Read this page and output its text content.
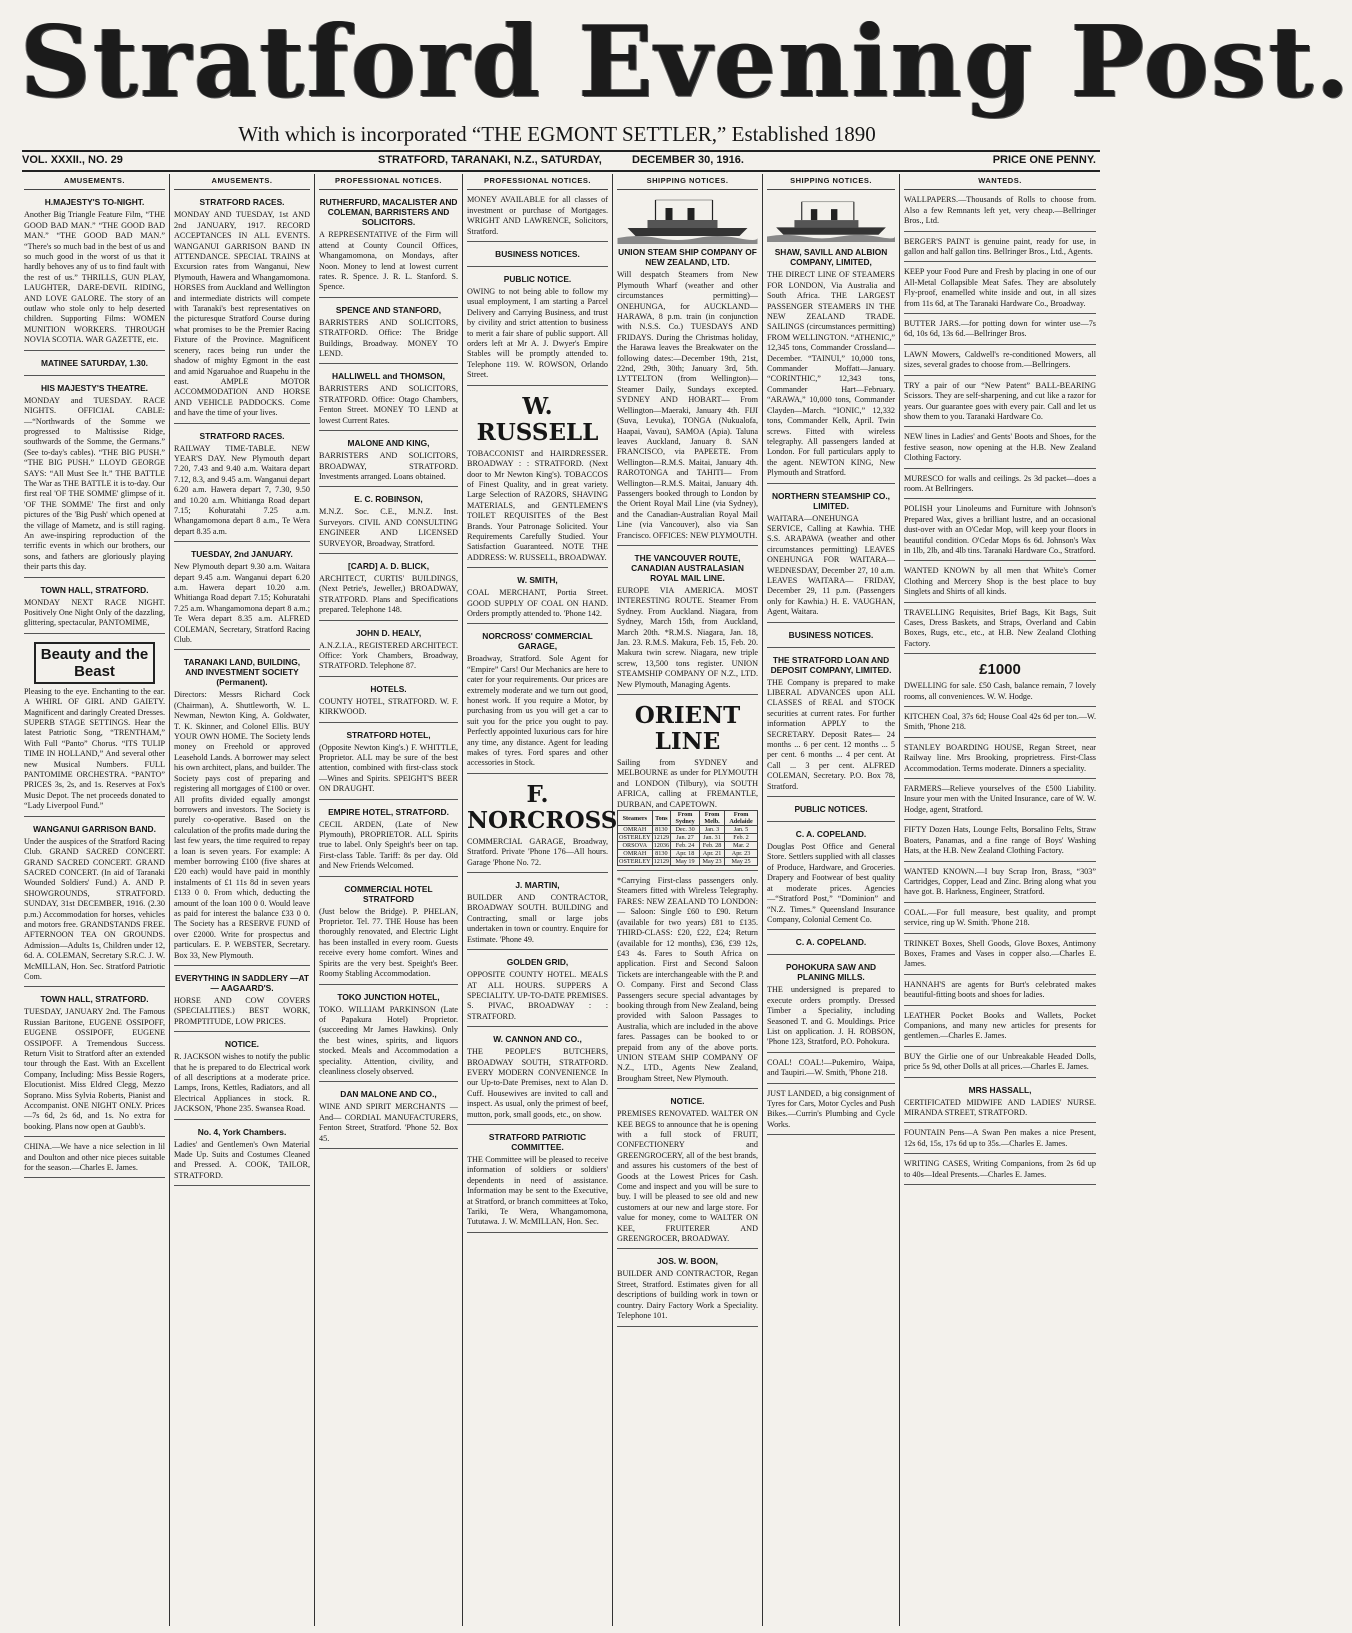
Stratford Evening Post.
With which is incorporated “THE EGMONT SETTLER,” Established 1890
VOL. XXXII., NO. 29	STRATFORD, TARANAKI, N.Z., SATURDAY,	DECEMBER 30, 1916.	PRICE ONE PENNY.
AMUSEMENTS.
H.MAJESTY'S TO-NIGHT.
Another Big Triangle Feature Film, “THE GOOD BAD MAN.” “THE GOOD BAD MAN.” “THE GOOD BAD MAN.” “There's so much bad in the best of us and so much good in the worst of us that it hardly behoves any of us to find fault with the rest of us.” THRILLS, GUN PLAY, LAUGHTER, DARE-DEVIL RIDING, AND LOVE GALORE. The story of an outlaw who stole only to help deserted children. Supporting Films: WOMEN MUNITION WORKERS. THROUGH NOVIA SCOTIA. WAR GAZETTE, etc.
MATINEE SATURDAY, 1.30.
HIS MAJESTY'S THEATRE.
MONDAY and TUESDAY. RACE NIGHTS. OFFICIAL CABLE:—“Northwards of the Somme we progressed to Maltissise Ridge, southwards of the Somme, the Germans.” (See to-day's cables). “THE BIG PUSH.” “THE BIG PUSH.” LLOYD GEORGE SAYS: “All Must See It.” THE BATTLE The War as THE BATTLE it is to-day. Our first real 'OF THE SOMME' glimpse of it. 'OF THE SOMME' The first and only pictures of the 'Big Push' which opened at the village of Mametz, and is still raging. An awe-inspiring reproduction of the terrific events in which our brothers, our sons, and fathers are gloriously playing their parts this day.
TOWN HALL, STRATFORD.
MONDAY NEXT RACE NIGHT. Positively One Night Only of the dazzling, glittering, spectacular, PANTOMIME,
Beauty and the Beast
Pleasing to the eye. Enchanting to the ear. A WHIRL OF GIRL AND GAIETY. Magnificent and daringly Created Dresses. SUPERB STAGE SETTINGS. Hear the latest Patriotic Song, “TRENTHAM,” With Full “Panto” Chorus. “ITS TULIP TIME IN HOLLAND,” And several other new Musical Numbers. FULL PANTOMIME ORCHESTRA. “PANTO” PRICES 3s, 2s, and 1s. Reserves at Fox's Music Depot. The net proceeds donated to “Lady Liverpool Fund.”
WANGANUI GARRISON BAND.
Under the auspices of the Stratford Racing Club. GRAND SACRED CONCERT. GRAND SACRED CONCERT. GRAND SACRED CONCERT. (In aid of Taranaki Wounded Soldiers' Fund.) A. AND P. SHOWGROUNDS, STRATFORD. SUNDAY, 31st DECEMBER, 1916. (2.30 p.m.) Accommodation for horses, vehicles and motors free. GRANDSTANDS FREE. AFTERNOON TEA ON GROUNDS. Admission—Adults 1s, Children under 12, 6d. A. COLEMAN, Secretary S.R.C. J. W. McMILLAN, Hon. Sec. Stratford Patriotic Com.
TOWN HALL, STRATFORD.
TUESDAY, JANUARY 2nd. The Famous Russian Baritone, EUGENE OSSIPOFF, EUGENE OSSIPOFF, EUGENE OSSIPOFF. A Tremendous Success. Return Visit to Stratford after an extended tour through the East. With an Excellent Company, Including: Miss Bessie Rogers, Elocutionist. Miss Eldred Clegg, Mezzo Soprano. Miss Sylvia Roberts, Pianist and Accompanist. ONE NIGHT ONLY. Prices—7s 6d, 2s 6d, and 1s. No extra for booking. Plans now open at Gaubb's.
CHINA.—We have a nice selection in lil and Doulton and other nice pieces suitable for the season.—Charles E. James.
AMUSEMENTS.
STRATFORD RACES.
MONDAY AND TUESDAY, 1st AND 2nd JANUARY, 1917. RECORD ACCEPTANCES IN ALL EVENTS. WANGANUI GARRISON BAND IN ATTENDANCE. SPECIAL TRAINS at Excursion rates from Wanganui, New Plymouth, Hawera and Whangamomona. HORSES from Auckland and Wellington and intermediate districts will compete with Taranaki's best representatives on the picturesque Stratford Course during what promises to be the Premier Racing Fixture of the Province. Magnificent scenery, races being run under the shadow of mighty Egmont in the east and amid Ngaruahoe and Ruapehu in the east. AMPLE MOTOR ACCOMMODATION AND HORSE AND VEHICLE PADDOCKS. Come and have the time of your lives.
STRATFORD RACES.
RAILWAY TIME-TABLE. NEW YEAR'S DAY. New Plymouth depart 7.20, 7.43 and 9.40 a.m. Waitara depart 7.12, 8.3, and 9.45 a.m. Wanganui depart 6.20 a.m. Hawera depart 7, 7.30, 9.50 and 10.20 a.m. Whitianga Road depart 7.15; Kohuratahi 7.25 a.m. Whangamomona depart 8 a.m., Te Wera depart 8.35 a.m.
TUESDAY, 2nd JANUARY.
New Plymouth depart 9.30 a.m. Waitara depart 9.45 a.m. Wanganui depart 6.20 a.m. Hawera depart 10.20 a.m. Whitianga Road depart 7.15; Kohuratahi 7.25 a.m. Whangamomona depart 8 a.m.; Te Wera depart 8.35 a.m. ALFRED COLEMAN, Secretary, Stratford Racing Club.
TARANAKI LAND, BUILDING, AND INVESTMENT SOCIETY (Permanent).
Directors: Messrs Richard Cock (Chairman), A. Shuttleworth, W. L. Newman, Newton King, A. Goldwater, T. K. Skinner, and Colonel Ellis. BUY YOUR OWN HOME. The Society lends money on Freehold or approved Leasehold Lands. A borrower may select his own architect, plans, and builder. The Society pays cost of preparing and registering all mortgages of £100 or over. All profits divided equally amongst borrowers and investors. The Society is purely co-operative. Based on the calculation of the profits made during the last few years, the time required to repay a loan is seven years. For example: A member borrowing £100 (five shares at £20 each) would have paid in monthly instalments of £1 11s 8d in seven years £133 0 0. From which, deducting the amount of the loan 100 0 0. Would leave as paid for interest the balance £33 0 0. The Society has a RESERVE FUND of over £2000. Write for prospectus and particulars. E. P. WEBSTER, Secretary. Box 33, New Plymouth.
EVERYTHING IN SADDLERY —AT— AAGAARD'S.
HORSE AND COW COVERS (SPECIALITIES.) BEST WORK, PROMPTITUDE, LOW PRICES.
NOTICE.
R. JACKSON wishes to notify the public that he is prepared to do Electrical work of all descriptions at a moderate price. Lamps, Irons, Kettles, Radiators, and all Electrical Appliances in stock. R. JACKSON, 'Phone 235. Swansea Road.
No. 4, York Chambers.
Ladies' and Gentlemen's Own Material Made Up. Suits and Costumes Cleaned and Pressed. A. COOK, TAILOR, STRATFORD.
PROFESSIONAL NOTICES.
RUTHERFURD, MACALISTER AND COLEMAN, BARRISTERS AND SOLICITORS.
A REPRESENTATIVE of the Firm will attend at County Council Offices, Whangamomona, on Mondays, after Noon. Money to lend at lowest current rates. R. Spence. J. R. L. Stanford. S. Spence.
SPENCE AND STANFORD,
BARRISTERS AND SOLICITORS, STRATFORD. Office: The Bridge Buildings, Broadway. MONEY TO LEND.
HALLIWELL and THOMSON,
BARRISTERS AND SOLICITORS, STRATFORD. Office: Otago Chambers, Fenton Street. MONEY TO LEND at lowest Current Rates.
MALONE AND KING,
BARRISTERS AND SOLICITORS, BROADWAY, STRATFORD. Investments arranged. Loans obtained.
E. C. ROBINSON,
M.N.Z. Soc. C.E., M.N.Z. Inst. Surveyors. CIVIL AND CONSULTING ENGINEER AND LICENSED SURVEYOR, Broadway, Stratford.
[CARD] A. D. BLICK,
ARCHITECT, CURTIS' BUILDINGS, (Next Petrie's, Jeweller,) BROADWAY, STRATFORD. Plans and Specifications prepared. Telephone 148.
JOHN D. HEALY,
A.N.Z.I.A., REGISTERED ARCHITECT. Office: York Chambers, Broadway, STRATFORD. Telephone 87.
HOTELS.
COUNTY HOTEL, STRATFORD. W. F. KIRKWOOD.
STRATFORD HOTEL,
(Opposite Newton King's.) F. WHITTLE, Proprietor. ALL may be sure of the best attention, combined with first-class stock—Wines and Spirits. SPEIGHT'S BEER ON DRAUGHT.
EMPIRE HOTEL, STRATFORD.
CECIL ARDEN, (Late of New Plymouth), PROPRIETOR. ALL Spirits true to label. Only Speight's beer on tap. First-class Table. Tariff: 8s per day. Old and New Friends Welcomed.
COMMERCIAL HOTEL STRATFORD
(Just below the Bridge). P. PHELAN, Proprietor. Tel. 77. THE House has been thoroughly renovated, and Electric Light has been installed in every room. Guests receive every home comfort. Wines and Spirits are the very best. Speight's Beer. Roomy Stabling Accommodation.
TOKO JUNCTION HOTEL,
TOKO. WILLIAM PARKINSON (Late of Papakura Hotel) Proprietor. (succeeding Mr James Hawkins). Only the best wines, spirits, and liquors stocked. Meals and Accommodation a speciality. Attention, civility, and cleanliness closely observed.
DAN MALONE AND CO.,
WINE AND SPIRIT MERCHANTS —And— CORDIAL MANUFACTURERS, Fenton Street, Stratford. 'Phone 52. Box 45.
PROFESSIONAL NOTICES.
MONEY AVAILABLE for all classes of investment or purchase of Mortgages. WRIGHT AND LAWRENCE, Solicitors, Stratford.
BUSINESS NOTICES.
PUBLIC NOTICE.
OWING to not being able to follow my usual employment, I am starting a Parcel Delivery and Carrying Business, and trust by civility and strict attention to business to merit a fair share of public support. All orders left at Mr A. J. Dwyer's Empire Stables will be promptly attended to. Telephone 119. W. ROWSON, Orlando Street.
W. RUSSELL
TOBACCONIST and HAIRDRESSER. BROADWAY : : STRATFORD. (Next door to Mr Newton King's). TOBACCOS of Finest Quality, and in great variety. Large Selection of RAZORS, SHAVING MATERIALS, and GENTLEMEN'S TOILET REQUISITES of the Best Brands. Your Patronage Solicited. Your Requirements Carefully Studied. Your Satisfaction Guaranteed. NOTE THE ADDRESS: W. RUSSELL, BROADWAY.
W. SMITH,
COAL MERCHANT, Portia Street. GOOD SUPPLY OF COAL ON HAND. Orders promptly attended to. 'Phone 142.
NORCROSS' COMMERCIAL GARAGE,
Broadway, Stratford. Sole Agent for “Empire” Cars! Our Mechanics are here to cater for your requirements. Our prices are extremely moderate and we turn out good, honest work. If you require a Motor, by purchasing from us you will get a car to suit you for the price you ought to pay. Perfectly appointed luxurious cars for hire any time, any distance. Agent for leading makes of tyres. Ford spares and other accessories in Stock.
F. NORCROSS
COMMERCIAL GARAGE, Broadway, Stratford. Private 'Phone 176—All hours. Garage 'Phone No. 72.
J. MARTIN,
BUILDER AND CONTRACTOR, BROADWAY SOUTH. BUILDING and Contracting, small or large jobs undertaken in town or country. Enquire for Estimate. 'Phone 49.
GOLDEN GRID,
OPPOSITE COUNTY HOTEL. MEALS AT ALL HOURS. SUPPERS A SPECIALITY. UP-TO-DATE PREMISES. S. PIVAC, BROADWAY : : STRATFORD.
W. CANNON AND CO.,
THE PEOPLE'S BUTCHERS, BROADWAY SOUTH, STRATFORD. EVERY MODERN CONVENIENCE In our Up-to-Date Premises, next to Alan D. Cuff. Housewives are invited to call and inspect. As usual, only the primest of beef, mutton, pork, small goods, etc., on show.
STRATFORD PATRIOTIC COMMITTEE.
THE Committee will be pleased to receive information of soldiers or soldiers' dependents in need of assistance. Information may be sent to the Executive, at Stratford, or branch committees at Toko, Tariki, Te Wera, Whangamomona, Tututawa. J. W. McMILLAN, Hon. Sec.
SHIPPING NOTICES.
UNION STEAM SHIP COMPANY OF NEW ZEALAND, LTD.
Will despatch Steamers from New Plymouth Wharf (weather and other circumstances permitting)— ONEHUNGA, for AUCKLAND— HARAWA, 8 p.m. train (in conjunction with N.S.S. Co.) TUESDAYS AND FRIDAYS. During the Christmas holiday, the Harawa leaves the Breakwater on the following dates:—December 19th, 21st, 22nd, 29th, 30th; January 3rd, 5th. LYTTELTON (from Wellington)— Steamer Daily, Sundays excepted. SYDNEY AND HOBART— From Wellington—Maeraki, January 4th. FIJI (Suva, Levuka), TONGA (Nukualofa, Haapai, Vavau), SAMOA (Apia). Taluna leaves Auckland, January 8. SAN FRANCISCO, via PAPEETE. From Wellington—R.M.S. Maitai, January 4th. RAROTONGA and TAHITI— From Wellington—R.M.S. Maitai, January 4th. Passengers booked through to London by the Orient Royal Mail Line (via Sydney), and the Canadian-Australian Royal Mail Line (via Vancouver), also via San Francisco. OFFICES: NEW PLYMOUTH.
THE VANCOUVER ROUTE, CANADIAN AUSTRALASIAN ROYAL MAIL LINE.
EUROPE VIA AMERICA. MOST INTERESTING ROUTE. Steamer From Sydney. From Auckland. Niagara, from Sydney, March 15th, from Auckland, March 20th. *R.M.S. Niagara, Jan. 18, Jan. 23. R.M.S. Makura, Feb. 15, Feb. 20. Makura twin screw. Niagara, new triple screw, 13,500 tons register. UNION STEAMSHIP COMPANY OF N.Z., LTD. New Plymouth, Managing Agents.
ORIENT LINE
Sailing from SYDNEY and MELBOURNE as under for PLYMOUTH and LONDON (Tilbury), via SOUTH AFRICA, calling at FREMANTLE, DURBAN, and CAPETOWN.
Steamers	Tons	From Sydney	From Melb.	From Adelaide
OMRAH	8130	Dec. 30	Jan. 3	Jan. 5
OSTERLEY	12129	Jan. 27	Jan. 31	Feb. 2
ORSOVA	12036	Feb. 24	Feb. 28	Mar. 2
OMRAH	8130	Apr. 18	Apr. 21	Apr. 23
OSTERLEY	12129	May 19	May 23	May 25
*Carrying First-class passengers only. Steamers fitted with Wireless Telegraphy. FARES: NEW ZEALAND TO LONDON:— Saloon: Single £60 to £90. Return (available for two years) £81 to £135. THIRD-CLASS: £20, £22, £24; Return (available for 12 months), £36, £39 12s, £43 4s. Fares to South Africa on application. First and Second Saloon Tickets are interchangeable with the P. and O. Company. First and Second Class Passengers secure special advantages by booking through from New Zealand, being provided with Saloon Passages to Australia, which are included in the above fares. Passages can be booked to or prepaid from any of the above ports. UNION STEAM SHIP COMPANY OF N.Z., LTD., Agents New Zealand, Brougham Street, New Plymouth.
NOTICE.
PREMISES RENOVATED. WALTER ON KEE BEGS to announce that he is opening with a full stock of FRUIT, CONFECTIONERY and GREENGROCERY, all of the best brands, and assures his customers of the best of Goods at the Lowest Prices for Cash. Come and inspect and you will be sure to buy. I will be pleased to see old and new customers at our new and large store. For value for money, come to WALTER ON KEE, FRUITERER AND GREENGROCER, BROADWAY.
JOS. W. BOON,
BUILDER AND CONTRACTOR, Regan Street, Stratford. Estimates given for all descriptions of building work in town or country. Dairy Factory Work a Speciality. Telephone 101.
SHIPPING NOTICES.
SHAW, SAVILL AND ALBION COMPANY, LIMITED,
THE DIRECT LINE OF STEAMERS FOR LONDON, Via Australia and South Africa. THE LARGEST PASSENGER STEAMERS IN THE NEW ZEALAND TRADE. SAILINGS (circumstances permitting) FROM WELLINGTON. “ATHENIC,” 12,345 tons, Commander Crossland—December. “TAINUI,” 10,000 tons, Commander Moffatt—January. “CORINTHIC,” 12,343 tons, Commander Hart—February. “ARAWA,” 10,000 tons, Commander Clayden—March. “IONIC,” 12,332 tons, Commander Kelk, April. Twin screws. Fitted with wireless telegraphy. All passengers landed at London. For full particulars apply to the agent. NEWTON KING, New Plymouth and Stratford.
NORTHERN STEAMSHIP CO., LIMITED.
WAITARA—ONEHUNGA SERVICE, Calling at Kawhia. THE S.S. ARAPAWA (weather and other circumstances permitting) LEAVES ONEHUNGA FOR WAITARA— WEDNESDAY, December 27, 10 a.m. LEAVES WAITARA— FRIDAY, December 29, 11 p.m. (Passengers only for Kawhia.) H. E. VAUGHAN, Agent, Waitara.
BUSINESS NOTICES.
THE STRATFORD LOAN AND DEPOSIT COMPANY, LIMITED.
THE Company is prepared to make LIBERAL ADVANCES upon ALL CLASSES of REAL and STOCK securities at current rates. For further information APPLY to the SECRETARY. Deposit Rates— 24 months ... 6 per cent. 12 months ... 5 per cent. 6 months ... 4 per cent. At Call ... 3 per cent. ALFRED COLEMAN, Secretary. P.O. Box 78, Stratford.
PUBLIC NOTICES.
C. A. COPELAND.
Douglas Post Office and General Store. Settlers supplied with all classes of Produce, Hardware, and Groceries. Drapery and Footwear of best quality at moderate prices. Agencies—“Stratford Post,” “Dominion” and “N.Z. Times.” Queensland Insurance Company, Colonial Cement Co.
C. A. COPELAND.
POHOKURA SAW AND PLANING MILLS.
THE undersigned is prepared to execute orders promptly. Dressed Timber a Speciality, including Seasoned T. and G. Mouldings. Price List on application. J. H. ROBSON, 'Phone 123, Stratford, P.O. Pohokura.
COAL! COAL!—Pukemiro, Waipa, and Taupiri.—W. Smith, 'Phone 218.
JUST LANDED, a big consignment of Tyres for Cars, Motor Cycles and Push Bikes.—Currin's Plumbing and Cycle Works.
WANTEDS.
WALLPAPERS.—Thousands of Rolls to choose from. Also a few Remnants left yet, very cheap.—Bellringer Bros., Ltd.
BERGER'S PAINT is genuine paint, ready for use, in gallon and half gallon tins. Bellringer Bros., Ltd., Agents.
KEEP your Food Pure and Fresh by placing in one of our All-Metal Collapsible Meat Safes. They are absolutely Fly-proof, enamelled white inside and out, in all sizes from 11s 6d, at The Taranaki Hardware Co., Broadway.
BUTTER JARS.—for potting down for winter use—7s 6d, 10s 6d, 13s 6d.—Bellringer Bros.
LAWN Mowers, Caldwell's re-conditioned Mowers, all sizes, several grades to choose from.—Bellringers.
TRY a pair of our “New Patent” BALL-BEARING Scissors. They are self-sharpening, and cut like a razor for years. Our guarantee goes with every pair. Call and let us show them to you. Taranaki Hardware Co.
NEW lines in Ladies' and Gents' Boots and Shoes, for the festive season, now opening at the H.B. New Zealand Clothing Factory.
MURESCO for walls and ceilings. 2s 3d packet—does a room. At Bellringers.
POLISH your Linoleums and Furniture with Johnson's Prepared Wax, gives a brilliant lustre, and an occasional dust-over with an O'Cedar Mop, will keep your floors in beautiful condition. O'Cedar Mops 6s 6d. Johnson's Wax in 1lb, 2lb, and 4lb tins. Taranaki Hardware Co., Stratford.
WANTED KNOWN by all men that White's Corner Clothing and Mercery Shop is the best place to buy Singlets and Shirts of all kinds.
TRAVELLING Requisites, Brief Bags, Kit Bags, Suit Cases, Dress Baskets, and Straps, Overland and Cabin Boxes, Rugs, etc., etc., at H.B. New Zealand Clothing Factory.
£1000
DWELLING for sale. £50 Cash, balance remain, 7 lovely rooms, all conveniences. W. W. Hodge.
KITCHEN Coal, 37s 6d; House Coal 42s 6d per ton.—W. Smith, 'Phone 218.
STANLEY BOARDING HOUSE, Regan Street, near Railway line. Mrs Brooking, proprietress. First-Class Accommodation. Terms moderate. Dinners a speciality.
FARMERS—Relieve yourselves of the £500 Liability. Insure your men with the United Insurance, care of W. W. Hodge, agent, Stratford.
FIFTY Dozen Hats, Lounge Felts, Borsalino Felts, Straw Boaters, Panamas, and a fine range of Boys' Washing Hats, at the H.B. New Zealand Clothing Factory.
WANTED KNOWN.—I buy Scrap Iron, Brass, “303” Cartridges, Copper, Lead and Zinc. Bring along what you have got. B. Harkness, Engineer, Stratford.
COAL.—For full measure, best quality, and prompt service, ring up W. Smith. 'Phone 218.
TRINKET Boxes, Shell Goods, Glove Boxes, Antimony Boxes, Frames and Vases in copper also.—Charles E. James.
HANNAH'S are agents for Burt's celebrated makes beautiful-fitting boots and shoes for ladies.
LEATHER Pocket Books and Wallets, Pocket Companions, and many new articles for presents for gentlemen.—Charles E. James.
BUY the Girlie one of our Unbreakable Headed Dolls, price 5s 9d, other Dolls at all prices.—Charles E. James.
MRS HASSALL,
CERTIFICATED MIDWIFE AND LADIES' NURSE. MIRANDA STREET, STRATFORD.
FOUNTAIN Pens—A Swan Pen makes a nice Present, 12s 6d, 15s, 17s 6d up to 35s.—Charles E. James.
WRITING CASES, Writing Companions, from 2s 6d up to 40s—Ideal Presents.—Charles E. James.
